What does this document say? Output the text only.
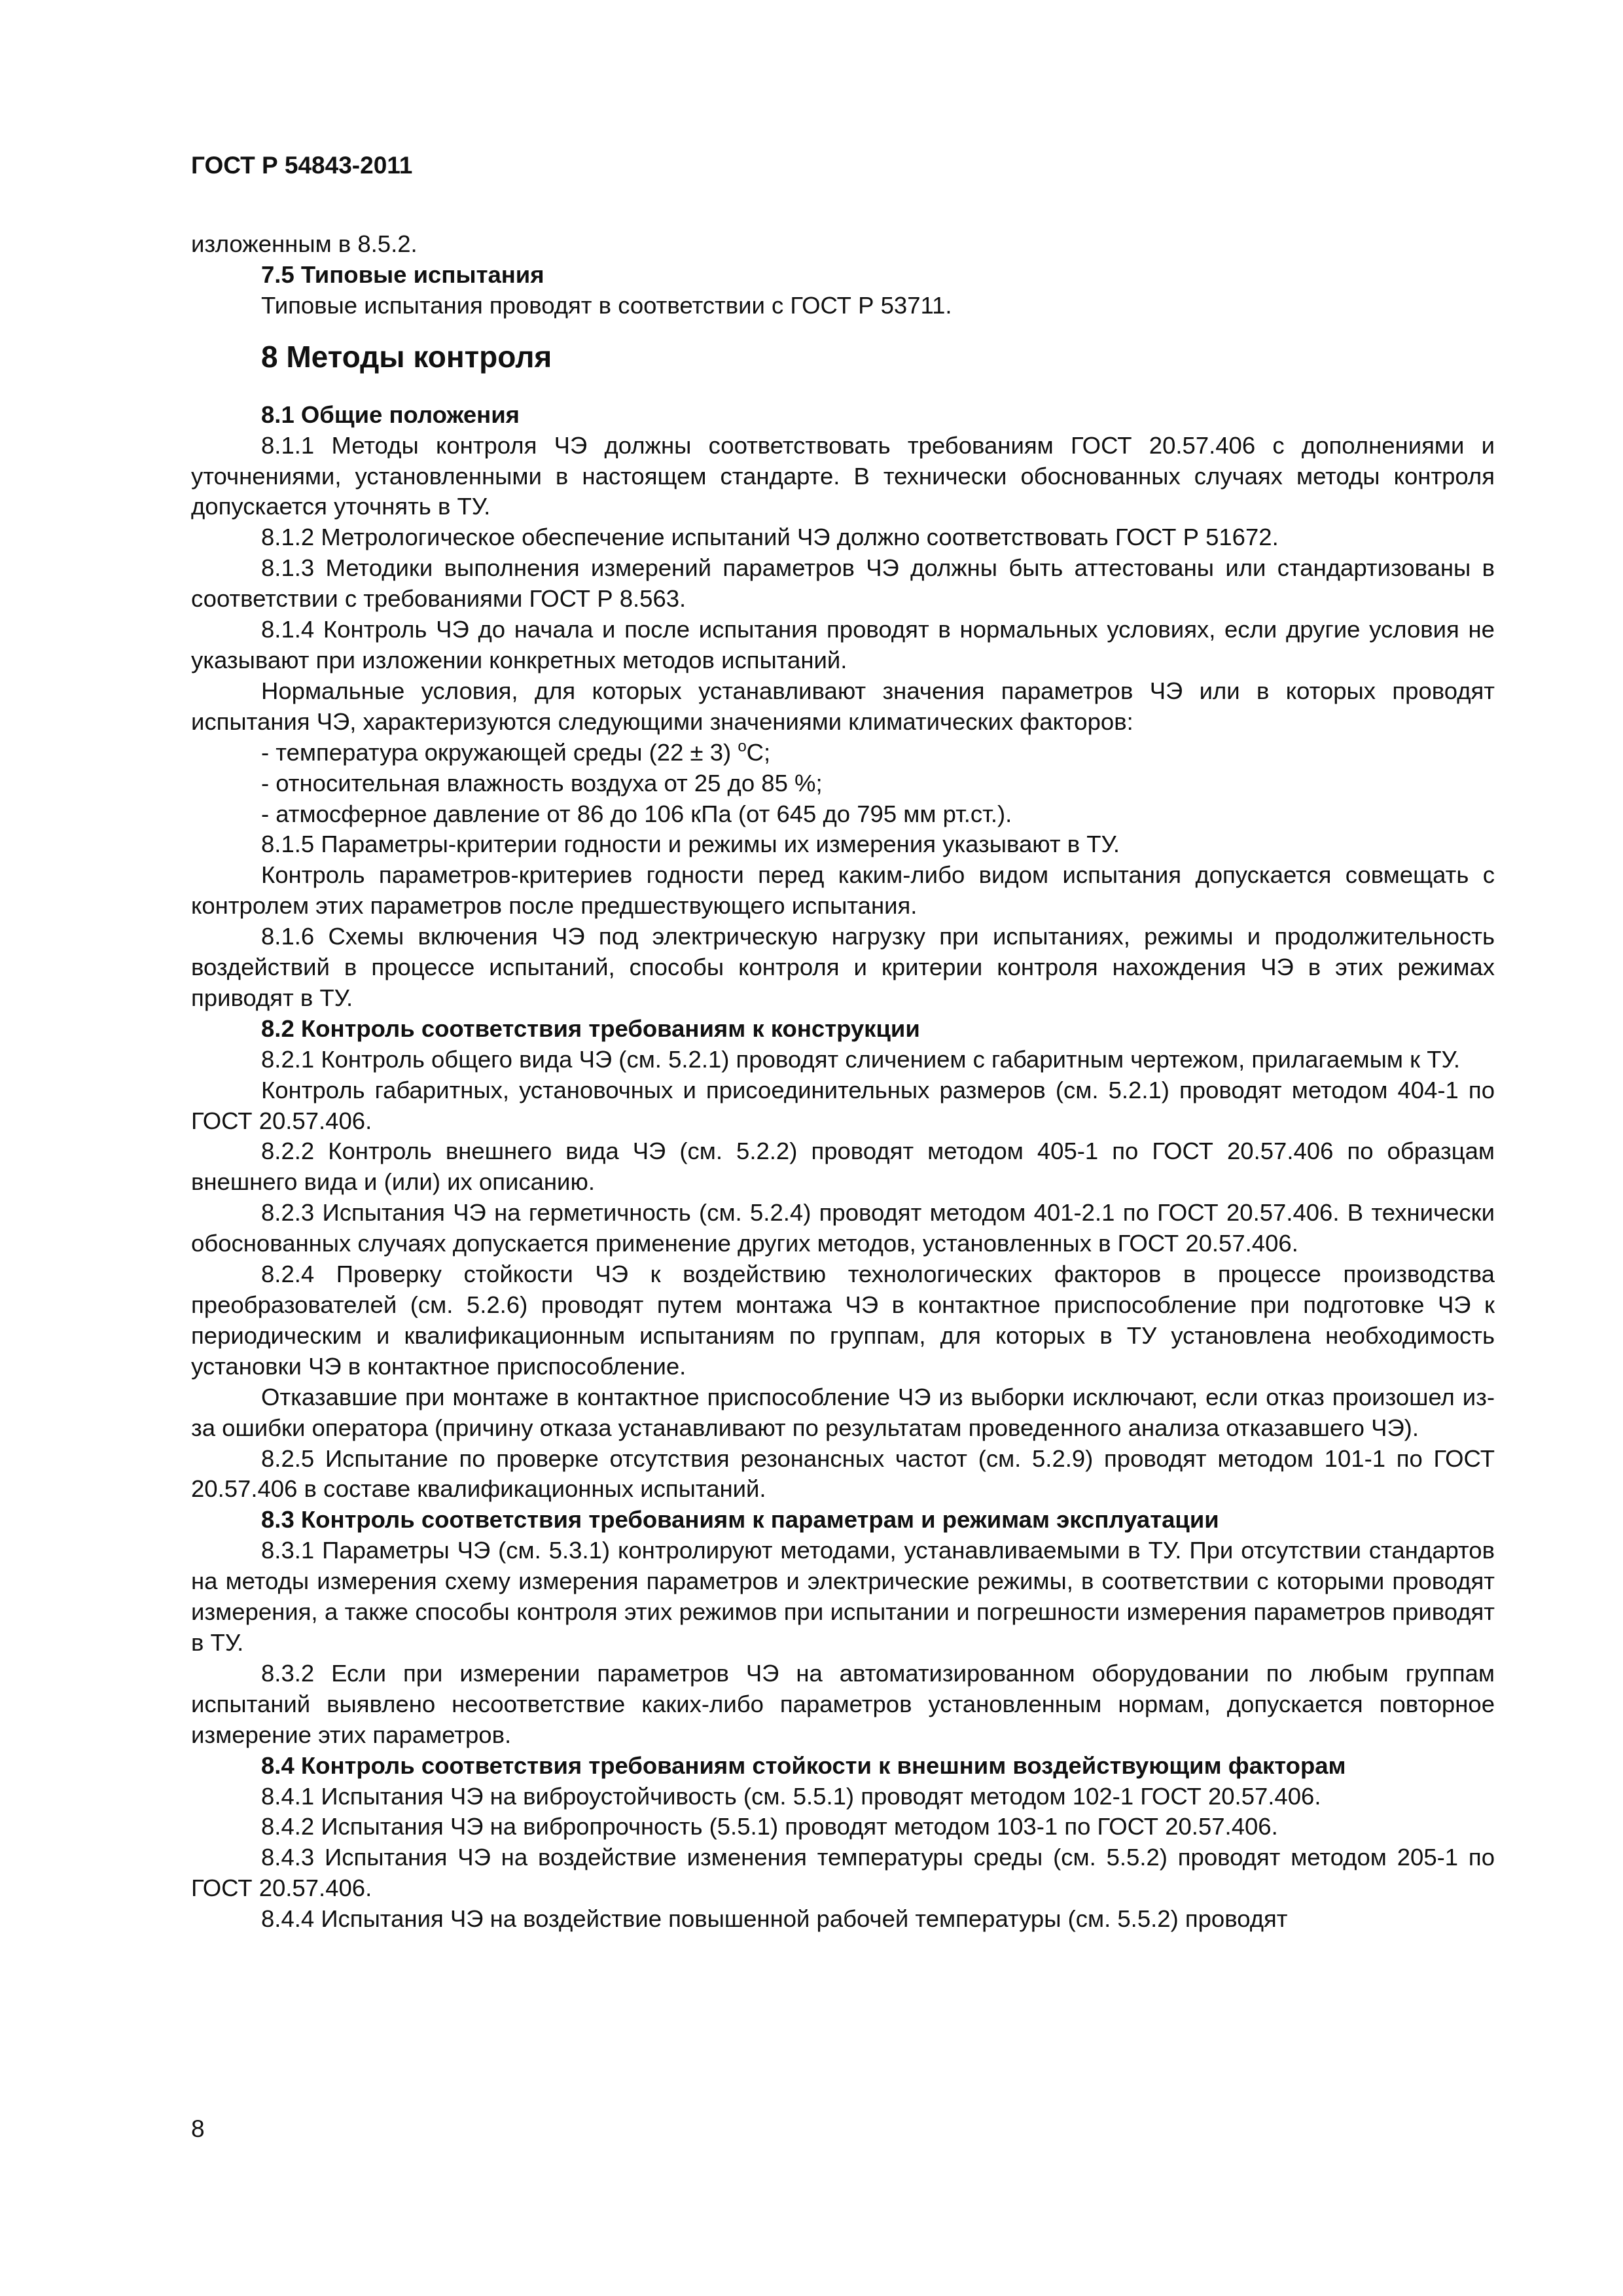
ГОСТ Р 54843-2011

изложенным в 8.5.2.

7.5 Типовые испытания

Типовые испытания проводят в соответствии с ГОСТ Р 53711.

8 Методы контроля

8.1 Общие положения

8.1.1 Методы контроля ЧЭ должны соответствовать требованиям ГОСТ 20.57.406 с дополнениями и уточнениями, установленными в настоящем стандарте. В технически обоснованных случаях методы контроля допускается уточнять в ТУ.

8.1.2 Метрологическое обеспечение испытаний ЧЭ должно соответствовать ГОСТ Р 51672.

8.1.3 Методики выполнения измерений параметров ЧЭ должны быть аттестованы или стандартизованы в соответствии с требованиями ГОСТ Р 8.563.

8.1.4 Контроль ЧЭ до начала и после испытания проводят в нормальных условиях, если другие условия не указывают при изложении конкретных методов испытаний.

Нормальные условия, для которых устанавливают значения параметров ЧЭ или в которых проводят испытания ЧЭ, характеризуются следующими значениями климатических факторов:

- температура окружающей среды (22 ± 3) $^о$С;

- относительная влажность воздуха от 25 до 85 %;

- атмосферное давление от 86 до 106 кПа (от 645 до 795 мм рт.ст.).

8.1.5 Параметры-критерии годности и режимы их измерения указывают в ТУ.

Контроль параметров-критериев годности перед каким-либо видом испытания допускается совмещать с контролем этих параметров после предшествующего испытания.

8.1.6 Схемы включения ЧЭ под электрическую нагрузку при испытаниях, режимы и продолжительность воздействий в процессе испытаний, способы контроля и критерии контроля нахождения ЧЭ в этих режимах приводят в ТУ.

8.2 Контроль соответствия требованиям к конструкции

8.2.1 Контроль общего вида ЧЭ (см. 5.2.1) проводят сличением с габаритным чертежом, прилагаемым к ТУ.

Контроль габаритных, установочных и присоединительных размеров (см. 5.2.1) проводят методом 404-1 по ГОСТ 20.57.406.

8.2.2 Контроль внешнего вида ЧЭ (см. 5.2.2) проводят методом 405-1 по ГОСТ 20.57.406 по образцам внешнего вида и (или) их описанию.

8.2.3 Испытания ЧЭ на герметичность (см. 5.2.4) проводят методом 401-2.1 по ГОСТ 20.57.406. В технически обоснованных случаях допускается применение других методов, установленных в ГОСТ 20.57.406.

8.2.4 Проверку стойкости ЧЭ к воздействию технологических факторов в процессе производства преобразователей (см. 5.2.6) проводят путем монтажа ЧЭ в контактное приспособление при подготовке ЧЭ к периодическим и квалификационным испытаниям по группам, для которых в ТУ установлена необходимость установки ЧЭ в контактное приспособление.

Отказавшие при монтаже в контактное приспособление ЧЭ из выборки исключают, если отказ произошел из-за ошибки оператора (причину отказа устанавливают по результатам проведенного анализа отказавшего ЧЭ).

8.2.5 Испытание по проверке отсутствия резонансных частот (см. 5.2.9) проводят методом 101-1 по ГОСТ 20.57.406 в составе квалификационных испытаний.

8.3 Контроль соответствия требованиям к параметрам и режимам эксплуатации

8.3.1 Параметры ЧЭ (см. 5.3.1) контролируют методами, устанавливаемыми в ТУ. При отсутствии стандартов на методы измерения схему измерения параметров и электрические режимы, в соответствии с которыми проводят измерения, а также способы контроля этих режимов при испытании и погрешности измерения параметров приводят в ТУ.

8.3.2 Если при измерении параметров ЧЭ на автоматизированном оборудовании по любым группам испытаний выявлено несоответствие каких-либо параметров установленным нормам, допускается повторное измерение этих параметров.

8.4 Контроль соответствия требованиям стойкости к внешним воздействующим факторам

8.4.1 Испытания ЧЭ на виброустойчивость (см. 5.5.1) проводят методом 102-1 ГОСТ 20.57.406.

8.4.2 Испытания ЧЭ на вибропрочность (5.5.1) проводят методом 103-1 по ГОСТ 20.57.406.

8.4.3 Испытания ЧЭ на воздействие изменения температуры среды (см. 5.5.2) проводят методом 205-1 по ГОСТ 20.57.406.

8.4.4 Испытания ЧЭ на воздействие повышенной рабочей температуры (см. 5.5.2) проводят

8
